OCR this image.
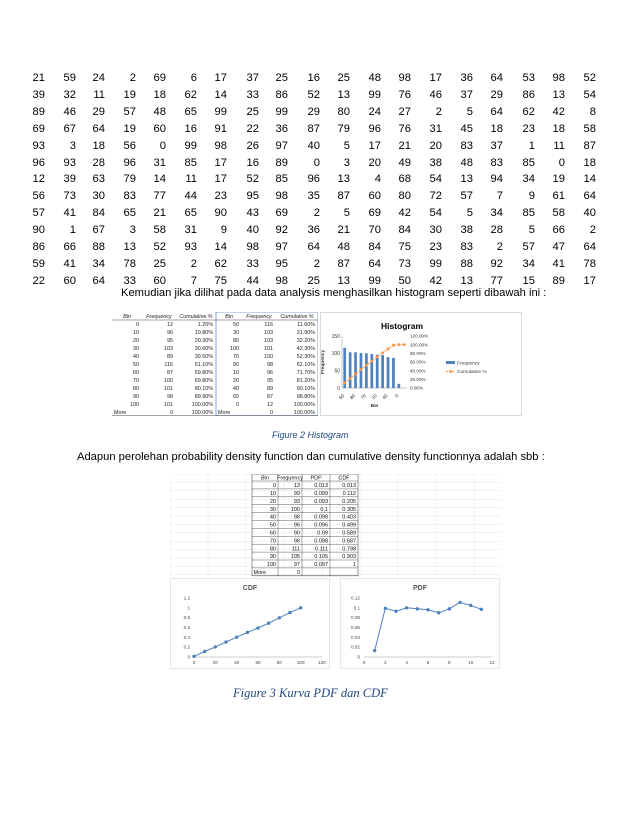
21	59	24	2	69	6	17	37	25	16	25	48	98	17	36	64	53	98	52
39	32	11	19	18	62	14	33	86	52	13	99	76	46	37	29	86	13	54
89	46	29	57	48	65	99	25	99	29	80	24	27	2	5	64	62	42	8
69	67	64	19	60	16	91	22	36	87	79	96	76	31	45	18	23	18	58
93	3	18	56	0	99	98	26	97	40	5	17	21	20	83	37	1	11	87
96	93	28	96	31	85	17	16	89	0	3	20	49	38	48	83	85	0	18
12	39	63	79	14	11	17	52	85	96	13	4	68	54	13	94	34	19	14
56	73	30	83	77	44	23	95	98	35	87	60	80	72	57	7	9	61	64
57	41	84	65	21	65	90	43	69	2	5	69	42	54	5	34	85	58	40
90	1	67	3	58	31	9	40	92	36	21	70	84	30	38	28	5	66	2
86	66	88	13	52	93	14	98	97	64	48	84	75	23	83	2	57	47	64
59	41	34	78	25	2	62	33	95	2	87	64	73	99	88	92	34	41	78
22	60	64	33	60	7	75	44	98	25	13	99	50	42	13	77	15	89	17
Kemudian jika dilihat pada data analysis menghasilkan histogram seperti dibawah ini :
Bin	Frequency Cumulative % Bin Frequency Cumulative %
0	12	1.20%	50	116	11.60%
10	96	10.80%	30	103	21.90%
20	95	20.30%	80	103	32.20%
30	103	30.60%	100	101	42.30%
40	89	39.50%	70	100	52.30%
50	116	51.10%	90	98	62.10%
60	87	59.80%	10	96	71.70%
70	100	69.80%	20	95	81.20%
80	101	80.10%	40	89	90.10%
90	98	89.90%	60	87	98.80%
100	101	100.00%	0	12	100.00%
More	0	100.00% More	0	100.00%
Histogram
0
50
100
150
Frequency
50 80 70 10 40 0
Bin
0.00%
20.00%
40.00%
60.00%
80.00%
100.00%
120.00%
Frequency
Cumulative %
Figure 2 Histogram
Adapun perolehan probability density function dan cumulative density functionnya adalah sbb :
Bin Frequency PDF	CDF
0	13	0.013	0.013
10	99	0.099	0.112
20	93	0.093	0.205
30	100	0.1	0.305
40	98	0.098	0.403
50	96	0.096	0.499
60	90	0.09	0.589
70	98	0.098	0.687
80	111	0.111	0.798
90	105	0.105	0.903
100	97	0.097	1
More	0
CDF
0
0.2
0.4
0.6
0.8
1
1.2
0	20	40	60	80	100	120
PDF
0
0.02
0.04
0.06
0.08
0.1
0.12
0	2	4	6	8	10	12
Figure 3 Kurva PDF dan CDF
